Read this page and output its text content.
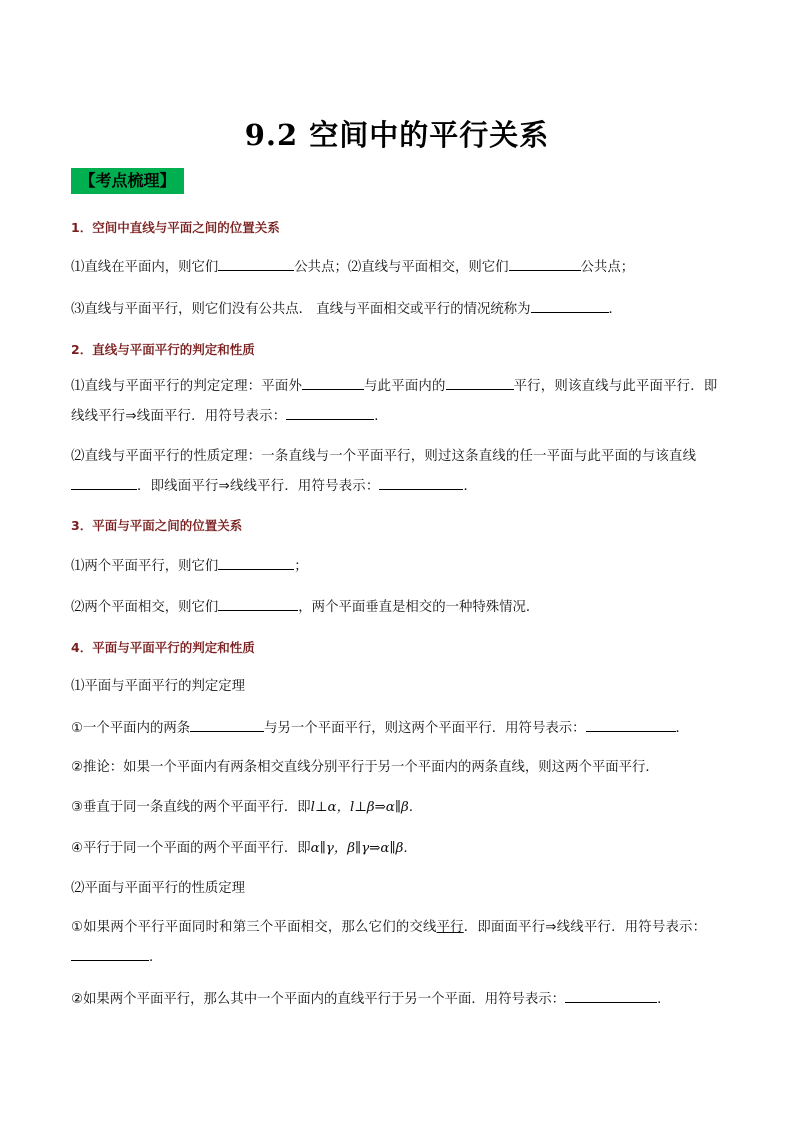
9.2 空间中的平行关系
【考点梳理】
1．空间中直线与平面之间的位置关系
⑴直线在平面内，则它们	公共点；⑵直线与平面相交，则它们	公共点；
⑶直线与平面平行，则它们没有公共点． 直线与平面相交或平行的情况统称为	．
2．直线与平面平行的判定和性质
⑴直线与平面平行的判定定理：平面外	与此平面内的	平行，则该直线与此平面平行．即线线平行⇒线面平行．用符号表示：	．
⑵直线与平面平行的性质定理：一条直线与一个平面平行，则过这条直线的任一平面与此平面的与该直线．即线面平行⇒线线平行．用符号表示：	．
3．平面与平面之间的位置关系
⑴两个平面平行，则它们	；
⑵两个平面相交，则它们	，两个平面垂直是相交的一种特殊情况．
4．平面与平面平行的判定和性质
⑴平面与平面平行的判定定理
①一个平面内的两条	与另一个平面平行，则这两个平面平行．用符号表示：	．
②推论：如果一个平面内有两条相交直线分别平行于另一个平面内的两条直线，则这两个平面平行．
③垂直于同一条直线的两个平面平行．即l⊥α，l⊥β⇒α∥β.
④平行于同一个平面的两个平面平行．即α∥γ，β∥γ⇒α∥β.
⑵平面与平面平行的性质定理
①如果两个平行平面同时和第三个平面相交，那么它们的交线平行．即面面平行⇒线线平行．用符号表示：．
②如果两个平面平行，那么其中一个平面内的直线平行于另一个平面．用符号表示：	．
